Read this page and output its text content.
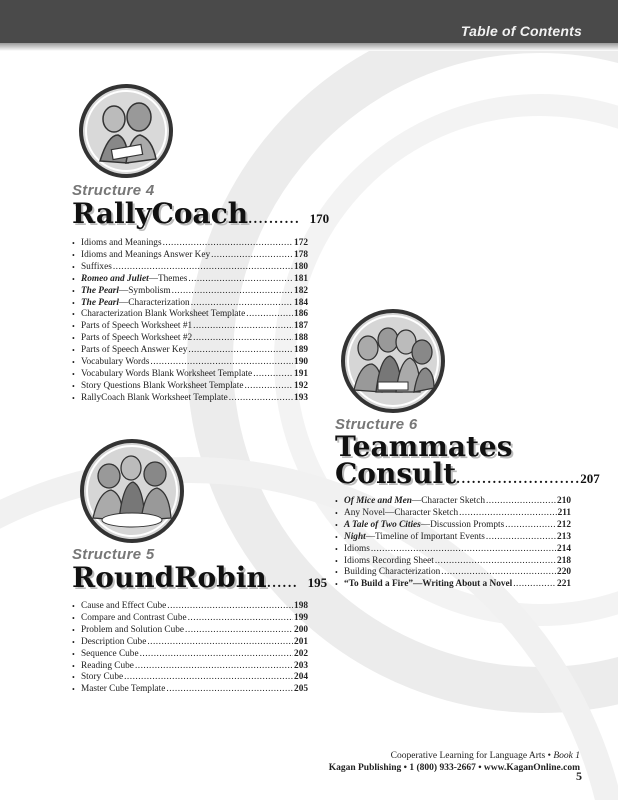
Table of Contents
Structure 4
RallyCoach.......... 170
• Idioms and Meanings .....	172
• Idioms and Meanings Answer Key .....	178
• Suffixes .....	180
• Romeo and Juliet—Themes .....	181
• The Pearl—Symbolism .....	182
• The Pearl—Characterization .....	184
• Characterization Blank Worksheet Template .....	186
• Parts of Speech Worksheet #1 .....	187
• Parts of Speech Worksheet #2 .....	188
• Parts of Speech Answer Key .....	189
• Vocabulary Words .....	190
• Vocabulary Words Blank Worksheet Template .....	191
• Story Questions Blank Worksheet Template .....	192
• RallyCoach Blank Worksheet Template .....	193
Structure 6
Teammates
Consult........................207
• Of Mice and Men—Character Sketch .....	210
• Any Novel—Character Sketch .....	211
• A Tale of Two Cities—Discussion Prompts .....	212
• Night—Timeline of Important Events .....	213
• Idioms .....	214
• Idioms Recording Sheet .....	218
• Building Characterization .....	220
• “To Build a Fire”—Writing About a Novel .....	221
Structure 5
RoundRobin...... 195
• Cause and Effect Cube .....	198
• Compare and Contrast Cube .....	199
• Problem and Solution Cube .....	200
• Description Cube .....	201
• Sequence Cube .....	202
• Reading Cube .....	203
• Story Cube .....	204
• Master Cube Template .....	205
Cooperative Learning for Language Arts • Book 1
Kagan Publishing • 1 (800) 933-2667 • www.KaganOnline.com
5
